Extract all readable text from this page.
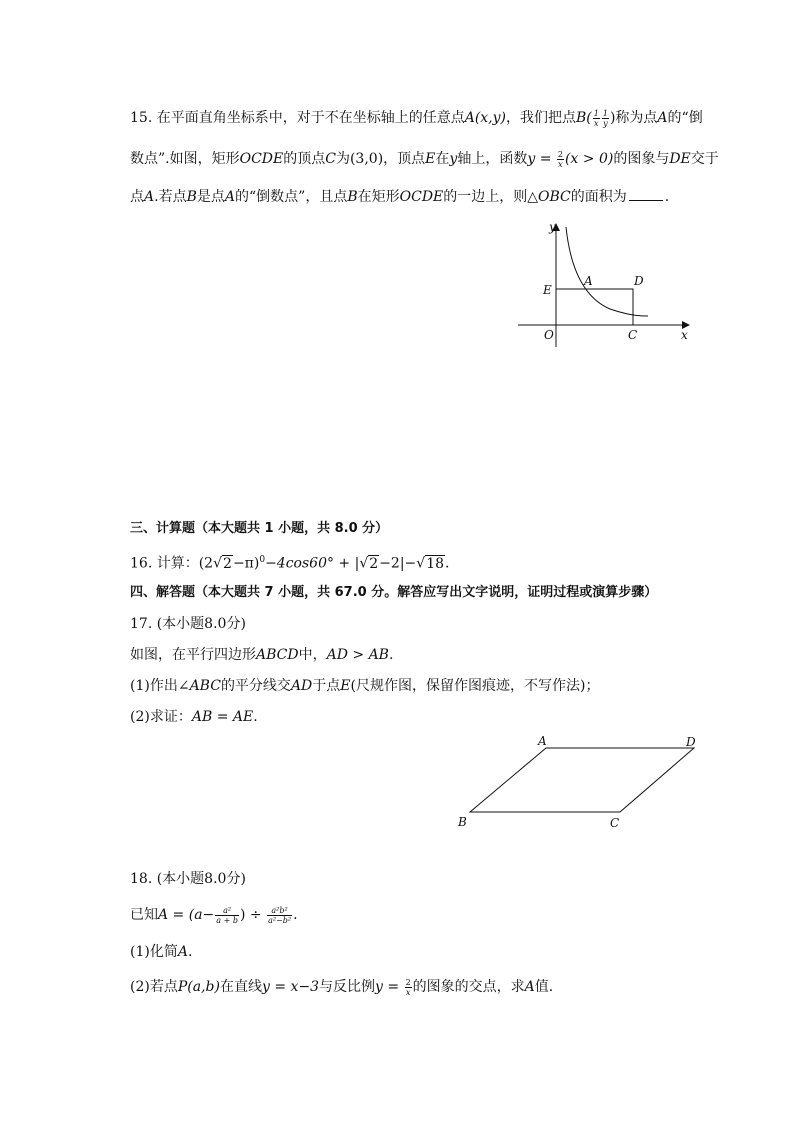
15. 在平面直角坐标系中，对于不在坐标轴上的任意点A(x,y)，我们把点$B( \frac{1}{x} \frac{1}{y}$ )称为点A的“倒
数点”.如图，矩形OCDE的顶点C为(3,0)，顶点E在y轴上，函数$y = \frac{2}{x} (x > 0)$的图象与DE交于
点A.若点B是点A的“倒数点”，且点B在矩形OCDE的一边上，则△OBC的面积为	.
y
x
E
A	D
O	C
三、计算题（本大题共 1 小题，共 8.0 分）
16. 计算：$(2√2-\pi)^0-4\cos 60^\circ + |√2-2|-√18$.
四、解答题（本大题共 7 小题，共 67.0 分。解答应写出文字说明，证明过程或演算步骤）
17. (本小题8.0分)
如图，在平行四边形ABCD中，AD > AB.
(1)作出∠ABC的平分线交AD于点E(尺规作图，保留作图痕迹，不写作法)；
(2)求证：AB = AE.
A	D
B	C
18. (本小题8.0分)
已知$A = (a- \frac{\text{a²}}{a + b}$ ) ÷ $\frac{\text{a²b²}}{\text{a²−b²}}$ .
(1)化简A.
(2)若点P(a,b)在直线y = x−3与反比例$y = \frac{2}{x}$ 的图象的交点，求A值.
